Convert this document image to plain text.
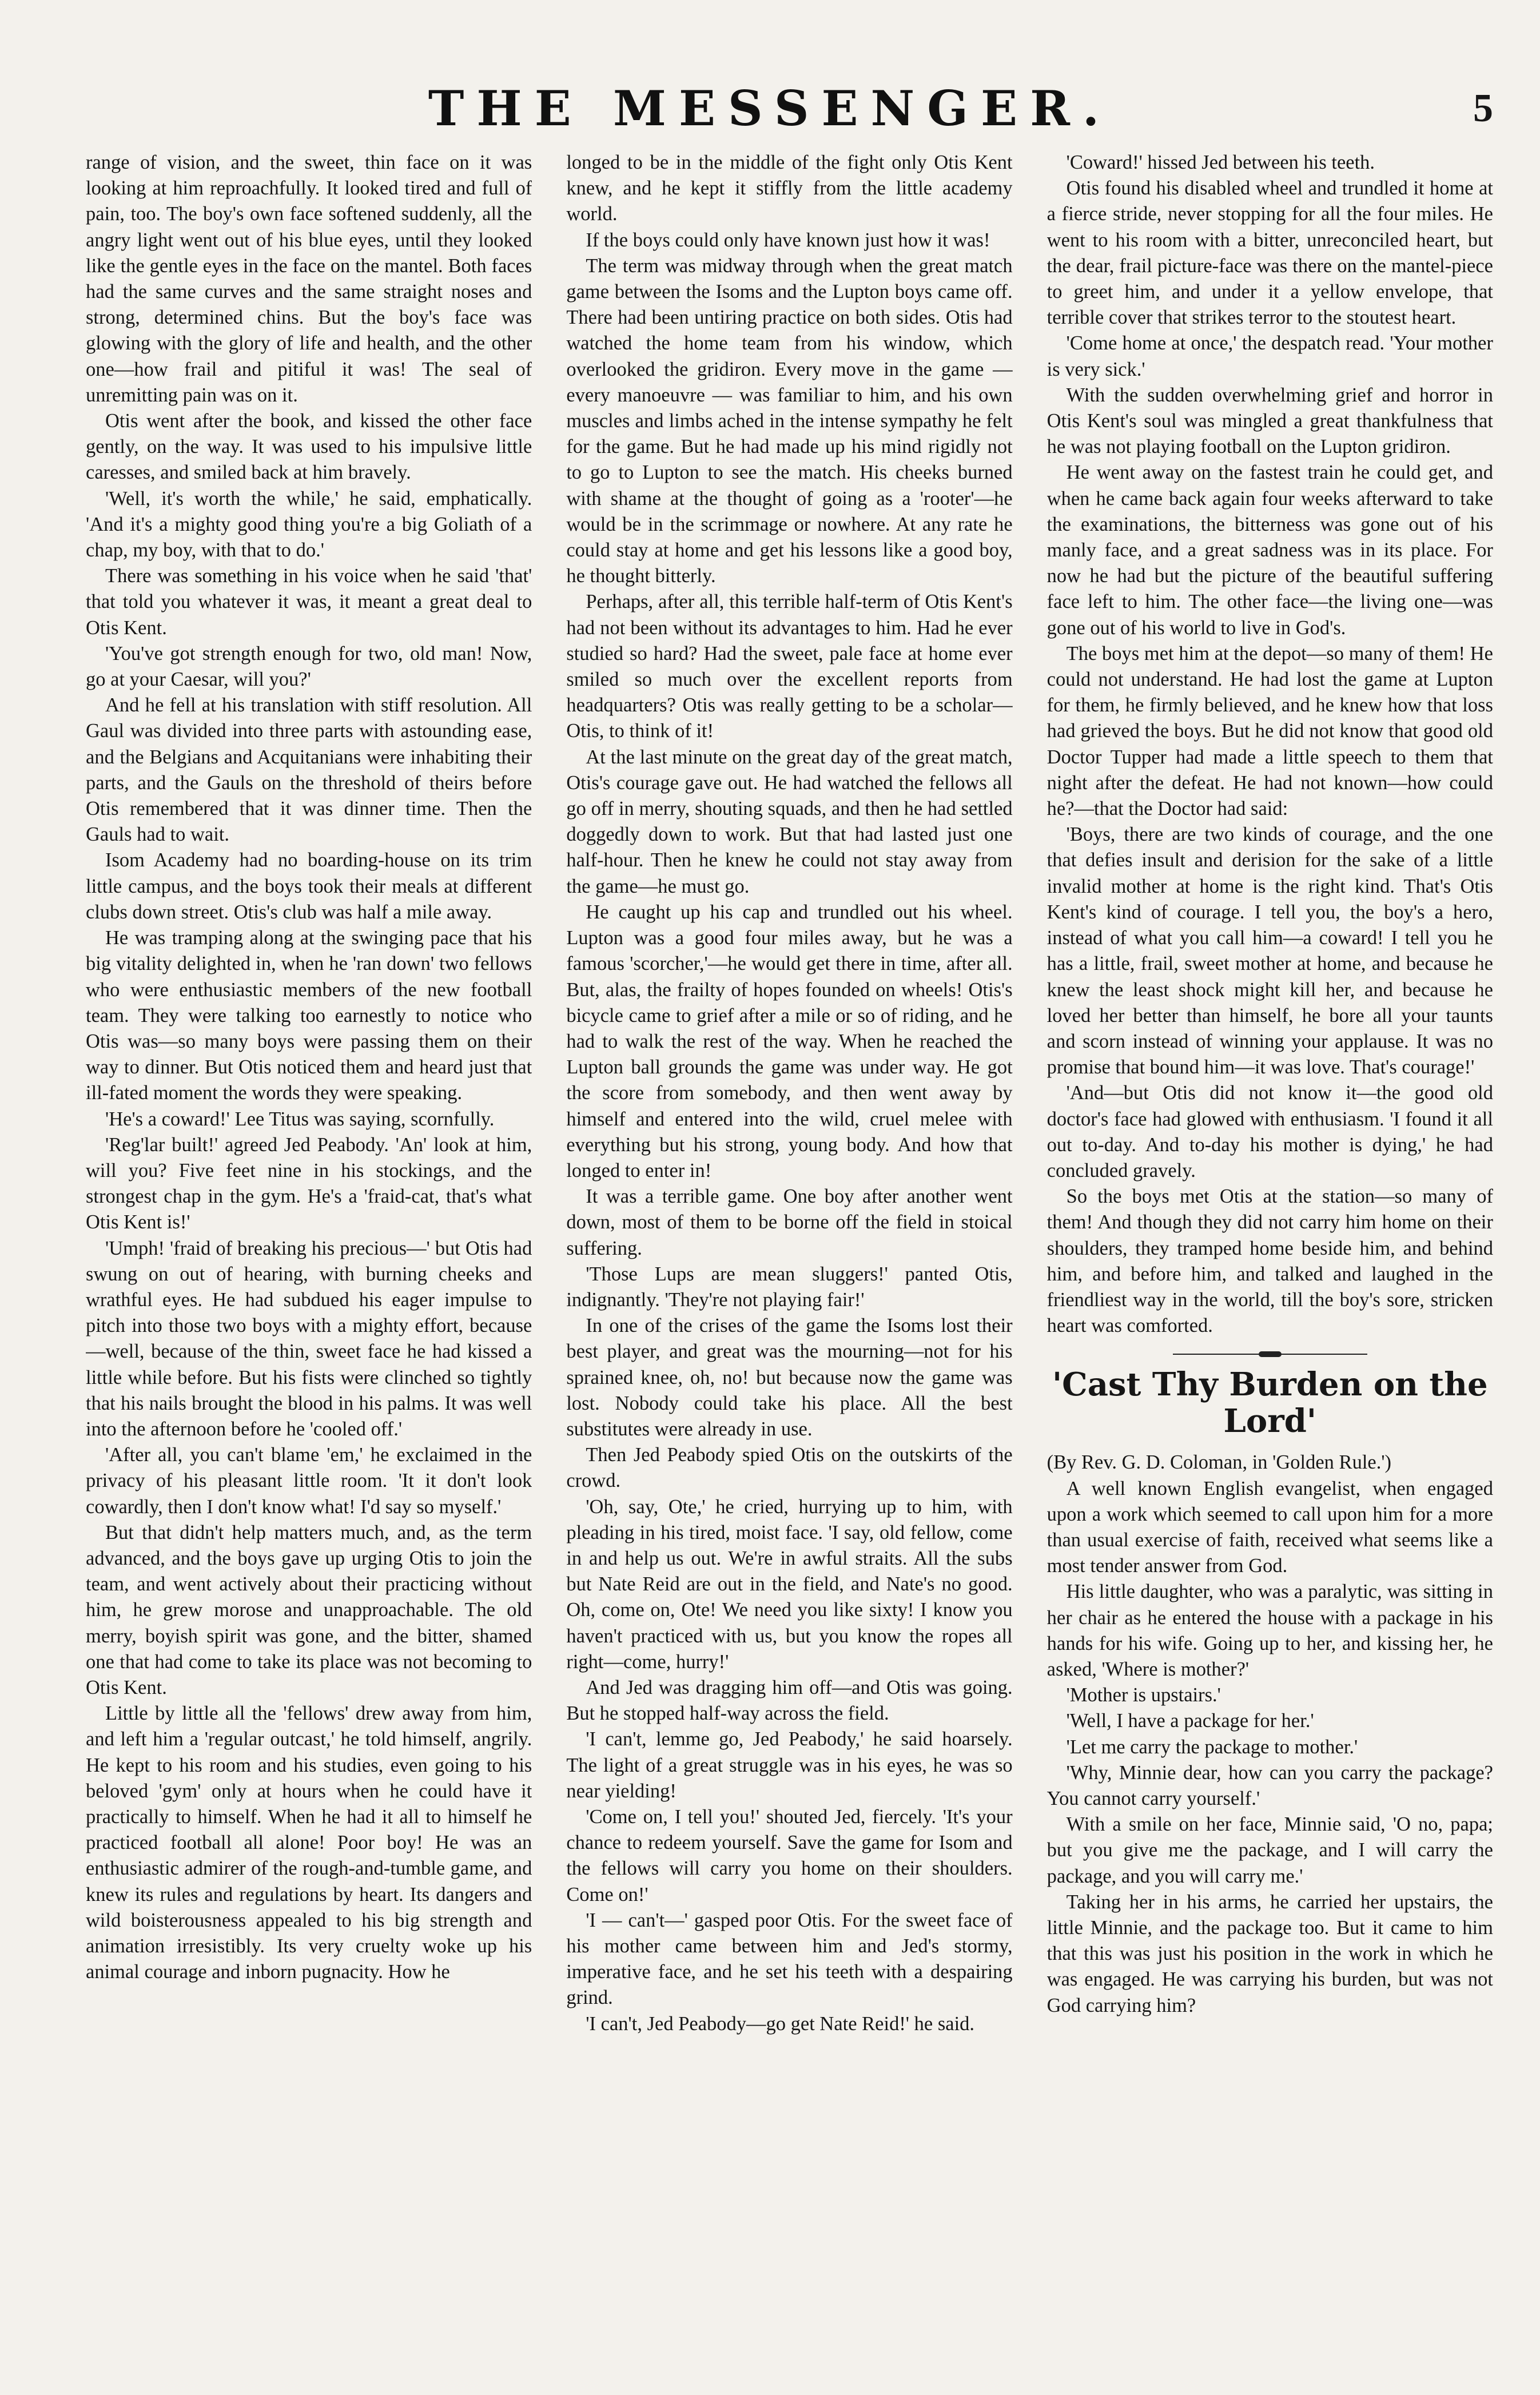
THE MESSENGER.	5

range of vision, and the sweet, thin face on it was looking at him reproachfully. It looked tired and full of pain, too. The boy's own face softened suddenly, all the angry light went out of his blue eyes, until they looked like the gentle eyes in the face on the mantel. Both faces had the same curves and the same straight noses and strong, determined chins. But the boy's face was glowing with the glory of life and health, and the other one—how frail and pitiful it was! The seal of unremitting pain was on it.

Otis went after the book, and kissed the other face gently, on the way. It was used to his impulsive little caresses, and smiled back at him bravely.

'Well, it's worth the while,' he said, emphatically. 'And it's a mighty good thing you're a big Goliath of a chap, my boy, with that to do.'

There was something in his voice when he said 'that' that told you whatever it was, it meant a great deal to Otis Kent.

'You've got strength enough for two, old man! Now, go at your Caesar, will you?'

And he fell at his translation with stiff resolution. All Gaul was divided into three parts with astounding ease, and the Belgians and Acquitanians were inhabiting their parts, and the Gauls on the threshold of theirs before Otis remembered that it was dinner time. Then the Gauls had to wait.

Isom Academy had no boarding-house on its trim little campus, and the boys took their meals at different clubs down street. Otis's club was half a mile away.

He was tramping along at the swinging pace that his big vitality delighted in, when he 'ran down' two fellows who were enthusiastic members of the new football team. They were talking too earnestly to notice who Otis was—so many boys were passing them on their way to dinner. But Otis noticed them and heard just that ill-fated moment the words they were speaking.

'He's a coward!' Lee Titus was saying, scornfully.

'Reg'lar built!' agreed Jed Peabody. 'An' look at him, will you? Five feet nine in his stockings, and the strongest chap in the gym. He's a 'fraid-cat, that's what Otis Kent is!'

'Umph! 'fraid of breaking his precious—' but Otis had swung on out of hearing, with burning cheeks and wrathful eyes. He had subdued his eager impulse to pitch into those two boys with a mighty effort, because—well, because of the thin, sweet face he had kissed a little while before. But his fists were clinched so tightly that his nails brought the blood in his palms. It was well into the afternoon before he 'cooled off.'

'After all, you can't blame 'em,' he exclaimed in the privacy of his pleasant little room. 'It it don't look cowardly, then I don't know what! I'd say so myself.'

But that didn't help matters much, and, as the term advanced, and the boys gave up urging Otis to join the team, and went actively about their practicing without him, he grew morose and unapproachable. The old merry, boyish spirit was gone, and the bitter, shamed one that had come to take its place was not becoming to Otis Kent.

Little by little all the 'fellows' drew away from him, and left him a 'regular outcast,' he told himself, angrily. He kept to his room and his studies, even going to his beloved 'gym' only at hours when he could have it practically to himself. When he had it all to himself he practiced football all alone! Poor boy! He was an enthusiastic admirer of the rough-and-tumble game, and knew its rules and regulations by heart. Its dangers and wild boisterousness appealed to his big strength and animation irresistibly. Its very cruelty woke up his animal courage and inborn pugnacity. How he

longed to be in the middle of the fight only Otis Kent knew, and he kept it stiffly from the little academy world.

If the boys could only have known just how it was!

The term was midway through when the great match game between the Isoms and the Lupton boys came off. There had been untiring practice on both sides. Otis had watched the home team from his window, which overlooked the gridiron. Every move in the game — every manoeuvre — was familiar to him, and his own muscles and limbs ached in the intense sympathy he felt for the game. But he had made up his mind rigidly not to go to Lupton to see the match. His cheeks burned with shame at the thought of going as a 'rooter'—he would be in the scrimmage or nowhere. At any rate he could stay at home and get his lessons like a good boy, he thought bitterly.

Perhaps, after all, this terrible half-term of Otis Kent's had not been without its advantages to him. Had he ever studied so hard? Had the sweet, pale face at home ever smiled so much over the excellent reports from headquarters? Otis was really getting to be a scholar—Otis, to think of it!

At the last minute on the great day of the great match, Otis's courage gave out. He had watched the fellows all go off in merry, shouting squads, and then he had settled doggedly down to work. But that had lasted just one half-hour. Then he knew he could not stay away from the game—he must go.

He caught up his cap and trundled out his wheel. Lupton was a good four miles away, but he was a famous 'scorcher,'—he would get there in time, after all. But, alas, the frailty of hopes founded on wheels! Otis's bicycle came to grief after a mile or so of riding, and he had to walk the rest of the way. When he reached the Lupton ball grounds the game was under way. He got the score from somebody, and then went away by himself and entered into the wild, cruel melee with everything but his strong, young body. And how that longed to enter in!

It was a terrible game. One boy after another went down, most of them to be borne off the field in stoical suffering.

'Those Lups are mean sluggers!' panted Otis, indignantly. 'They're not playing fair!'

In one of the crises of the game the Isoms lost their best player, and great was the mourning—not for his sprained knee, oh, no! but because now the game was lost. Nobody could take his place. All the best substitutes were already in use.

Then Jed Peabody spied Otis on the outskirts of the crowd.

'Oh, say, Ote,' he cried, hurrying up to him, with pleading in his tired, moist face. 'I say, old fellow, come in and help us out. We're in awful straits. All the subs but Nate Reid are out in the field, and Nate's no good. Oh, come on, Ote! We need you like sixty! I know you haven't practiced with us, but you know the ropes all right—come, hurry!'

And Jed was dragging him off—and Otis was going. But he stopped half-way across the field.

'I can't, lemme go, Jed Peabody,' he said hoarsely. The light of a great struggle was in his eyes, he was so near yielding!

'Come on, I tell you!' shouted Jed, fiercely. 'It's your chance to redeem yourself. Save the game for Isom and the fellows will carry you home on their shoulders. Come on!'

'I — can't—' gasped poor Otis. For the sweet face of his mother came between him and Jed's stormy, imperative face, and he set his teeth with a despairing grind.

'I can't, Jed Peabody—go get Nate Reid!' he said.

'Coward!' hissed Jed between his teeth.

Otis found his disabled wheel and trundled it home at a fierce stride, never stopping for all the four miles. He went to his room with a bitter, unreconciled heart, but the dear, frail picture-face was there on the mantel-piece to greet him, and under it a yellow envelope, that terrible cover that strikes terror to the stoutest heart.

'Come home at once,' the despatch read. 'Your mother is very sick.'

With the sudden overwhelming grief and horror in Otis Kent's soul was mingled a great thankfulness that he was not playing football on the Lupton gridiron.

He went away on the fastest train he could get, and when he came back again four weeks afterward to take the examinations, the bitterness was gone out of his manly face, and a great sadness was in its place. For now he had but the picture of the beautiful suffering face left to him. The other face—the living one—was gone out of his world to live in God's.

The boys met him at the depot—so many of them! He could not understand. He had lost the game at Lupton for them, he firmly believed, and he knew how that loss had grieved the boys. But he did not know that good old Doctor Tupper had made a little speech to them that night after the defeat. He had not known—how could he?—that the Doctor had said:

'Boys, there are two kinds of courage, and the one that defies insult and derision for the sake of a little invalid mother at home is the right kind. That's Otis Kent's kind of courage. I tell you, the boy's a hero, instead of what you call him—a coward! I tell you he has a little, frail, sweet mother at home, and because he knew the least shock might kill her, and because he loved her better than himself, he bore all your taunts and scorn instead of winning your applause. It was no promise that bound him—it was love. That's courage!'

'And—but Otis did not know it—the good old doctor's face had glowed with enthusiasm. 'I found it all out to-day. And to-day his mother is dying,' he had concluded gravely.

So the boys met Otis at the station—so many of them! And though they did not carry him home on their shoulders, they tramped home beside him, and behind him, and before him, and talked and laughed in the friendliest way in the world, till the boy's sore, stricken heart was comforted.

'Cast Thy Burden on the Lord'

(By Rev. G. D. Coloman, in 'Golden Rule.')

A well known English evangelist, when engaged upon a work which seemed to call upon him for a more than usual exercise of faith, received what seems like a most tender answer from God.

His little daughter, who was a paralytic, was sitting in her chair as he entered the house with a package in his hands for his wife. Going up to her, and kissing her, he asked, 'Where is mother?'

'Mother is upstairs.'

'Well, I have a package for her.'

'Let me carry the package to mother.'

'Why, Minnie dear, how can you carry the package? You cannot carry yourself.'

With a smile on her face, Minnie said, 'O no, papa; but you give me the package, and I will carry the package, and you will carry me.'

Taking her in his arms, he carried her upstairs, the little Minnie, and the package too. But it came to him that this was just his position in the work in which he was engaged. He was carrying his burden, but was not God carrying him?
